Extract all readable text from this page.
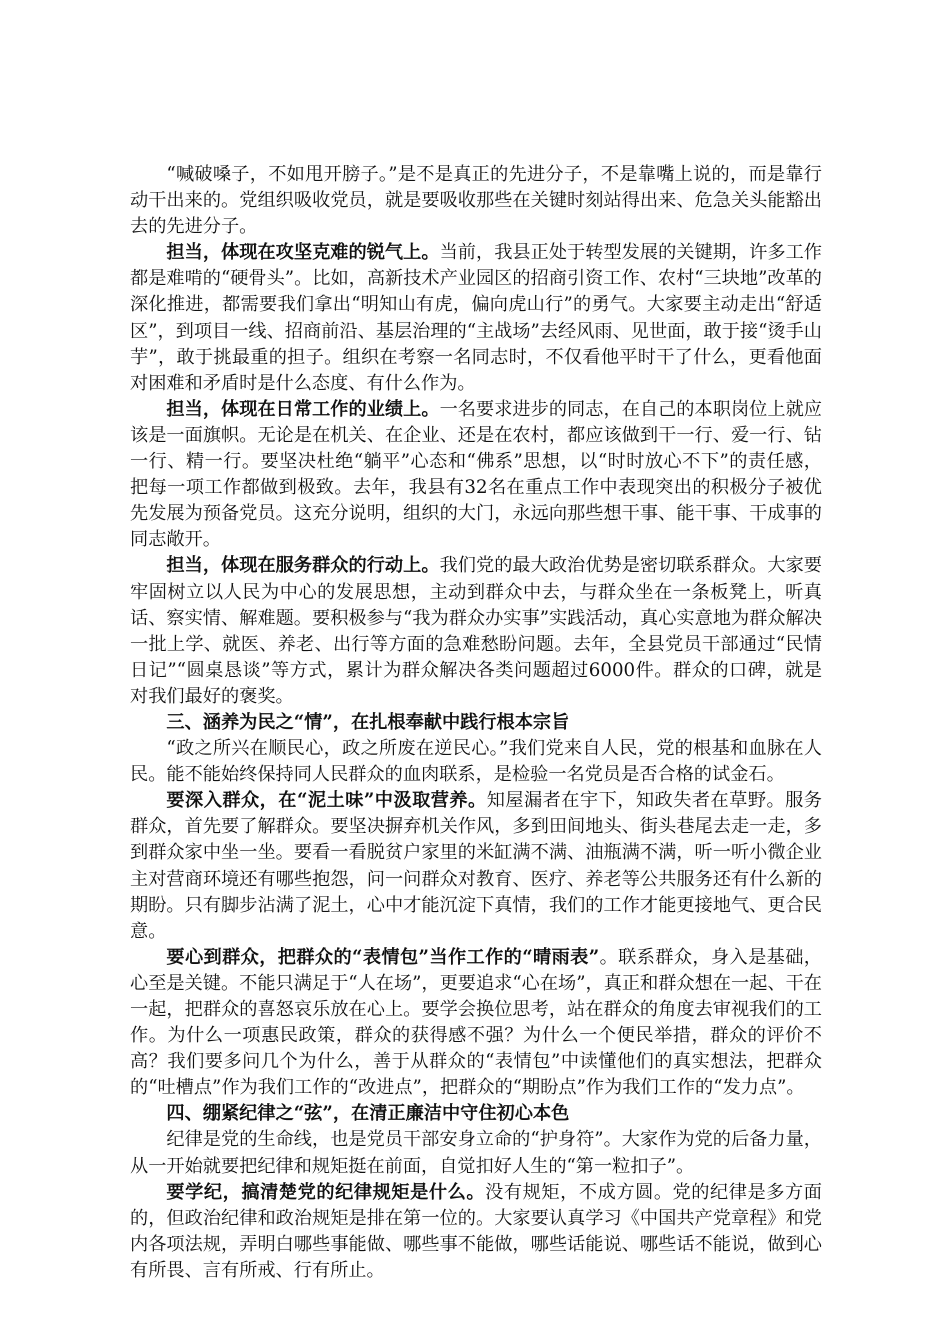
“喊破嗓子，不如甩开膀子。”是不是真正的先进分子，不是靠嘴上说的，而是靠行动干出来的。党组织吸收党员，就是要吸收那些在关键时刻站得出来、危急关头能豁出去的先进分子。

担当，体现在攻坚克难的锐气上。当前，我县正处于转型发展的关键期，许多工作都是难啃的“硬骨头”。比如，高新技术产业园区的招商引资工作、农村“三块地”改革的深化推进，都需要我们拿出“明知山有虎，偏向虎山行”的勇气。大家要主动走出“舒适区”，到项目一线、招商前沿、基层治理的“主战场”去经风雨、见世面，敢于接“烫手山芋”，敢于挑最重的担子。组织在考察一名同志时，不仅看他平时干了什么，更看他面对困难和矛盾时是什么态度、有什么作为。

担当，体现在日常工作的业绩上。一名要求进步的同志，在自己的本职岗位上就应该是一面旗帜。无论是在机关、在企业、还是在农村，都应该做到干一行、爱一行、钻一行、精一行。要坚决杜绝“躺平”心态和“佛系”思想，以“时时放心不下”的责任感，把每一项工作都做到极致。去年，我县有32名在重点工作中表现突出的积极分子被优先发展为预备党员。这充分说明，组织的大门，永远向那些想干事、能干事、干成事的同志敞开。

担当，体现在服务群众的行动上。我们党的最大政治优势是密切联系群众。大家要牢固树立以人民为中心的发展思想，主动到群众中去，与群众坐在一条板凳上，听真话、察实情、解难题。要积极参与“我为群众办实事”实践活动，真心实意地为群众解决一批上学、就医、养老、出行等方面的急难愁盼问题。去年，全县党员干部通过“民情日记”“圆桌恳谈”等方式，累计为群众解决各类问题超过6000件。群众的口碑，就是对我们最好的褒奖。

三、涵养为民之“情”，在扎根奉献中践行根本宗旨

“政之所兴在顺民心，政之所废在逆民心。”我们党来自人民，党的根基和血脉在人民。能不能始终保持同人民群众的血肉联系，是检验一名党员是否合格的试金石。

要深入群众，在“泥土味”中汲取营养。知屋漏者在宇下，知政失者在草野。服务群众，首先要了解群众。要坚决摒弃机关作风，多到田间地头、街头巷尾去走一走，多到群众家中坐一坐。要看一看脱贫户家里的米缸满不满、油瓶满不满，听一听小微企业主对营商环境还有哪些抱怨，问一问群众对教育、医疗、养老等公共服务还有什么新的期盼。只有脚步沾满了泥土，心中才能沉淀下真情，我们的工作才能更接地气、更合民意。

要心到群众，把群众的“表情包”当作工作的“晴雨表”。联系群众，身入是基础，心至是关键。不能只满足于“人在场”，更要追求“心在场”，真正和群众想在一起、干在一起，把群众的喜怒哀乐放在心上。要学会换位思考，站在群众的角度去审视我们的工作。为什么一项惠民政策，群众的获得感不强？为什么一个便民举措，群众的评价不高？我们要多问几个为什么，善于从群众的“表情包”中读懂他们的真实想法，把群众的“吐槽点”作为我们工作的“改进点”，把群众的“期盼点”作为我们工作的“发力点”。

四、绷紧纪律之“弦”，在清正廉洁中守住初心本色

纪律是党的生命线，也是党员干部安身立命的“护身符”。大家作为党的后备力量，从一开始就要把纪律和规矩挺在前面，自觉扣好人生的“第一粒扣子”。

要学纪，搞清楚党的纪律规矩是什么。没有规矩，不成方圆。党的纪律是多方面的，但政治纪律和政治规矩是排在第一位的。大家要认真学习《中国共产党章程》和党内各项法规，弄明白哪些事能做、哪些事不能做，哪些话能说、哪些话不能说，做到心有所畏、言有所戒、行有所止。
